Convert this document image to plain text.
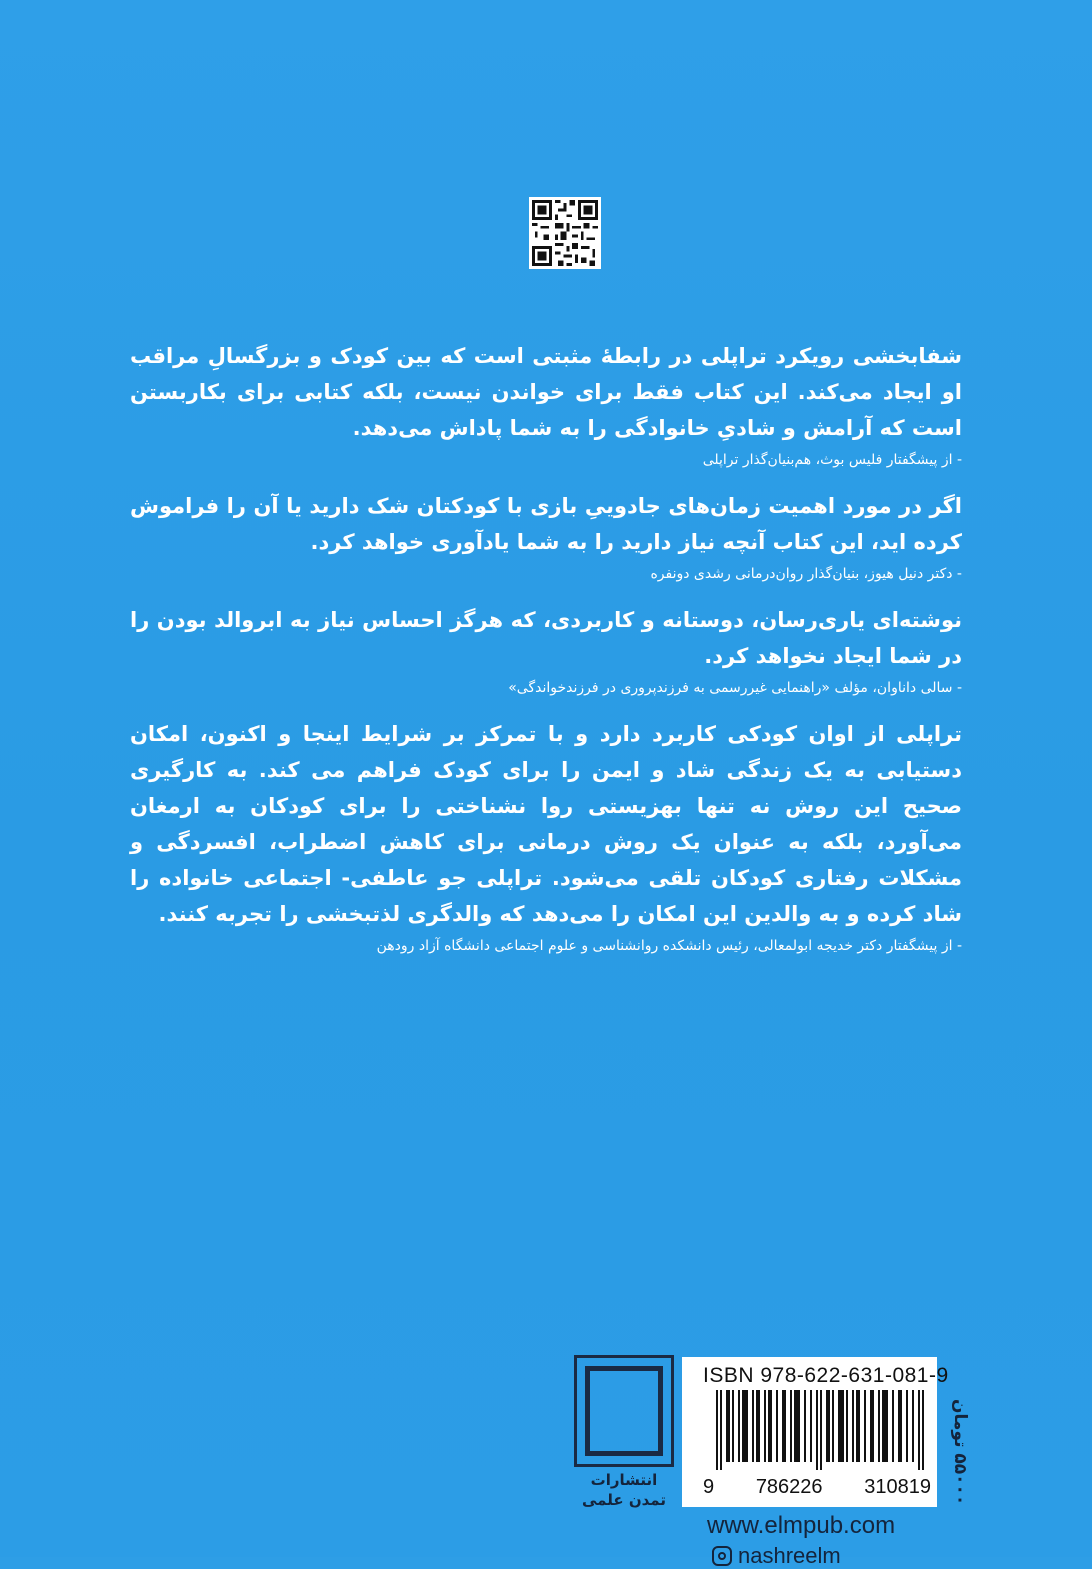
شفابخشی رویکرد تراپلی در رابطهٔ مثبتی است که بین کودک و بزرگسالِ مراقب او ایجاد می‌کند. این کتاب فقط برای خواندن نیست، بلکه کتابی برای بکاربستن است که آرامش و شادیِ خانوادگی را به شما پاداش می‌دهد.

- از پیشگفتار فلیس بوث، هم‌بنیان‌گذار تراپلی

اگر در مورد اهمیت زمان‌های جادوییِ بازی با کودکتان شک دارید یا آن را فراموش کرده اید، این کتاب آنچه نیاز دارید را به شما یادآوری خواهد کرد.

- دکتر دنیل هیوز، بنیان‌گذار روان‌درمانی رشدی دونفره

نوشته‌ای یاری‌رسان، دوستانه و کاربردی، که هرگز احساس نیاز به ابروالد بودن را در شما ایجاد نخواهد کرد.

- سالی داناوان، مؤلف «راهنمایی غیررسمی به فرزندپروری در فرزندخواندگی»

تراپلی از اوان کودکی کاربرد دارد و با تمرکز بر شرایط اینجا و اکنون، امکان دستیابی به یک زندگی شاد و ایمن را برای کودک فراهم می کند. به کارگیری صحیح این روش نه تنها بهزیستی روا نشناختی را برای کودکان به ارمغان می‌آورد، بلکه به عنوان یک روش درمانی برای کاهش اضطراب، افسردگی و مشکلات رفتاری کودکان تلقی می‌شود. تراپلی جو عاطفی- اجتماعی خانواده را شاد کرده و به والدین این امکان را می‌دهد که والدگری لذتبخشی را تجربه کنند.

- از پیشگفتار دکتر خدیجه ابولمعالی، رئیس دانشکده روانشناسی و علوم اجتماعی دانشگاه آزاد رودهن
انتشارات
تمدن علمی
ISBN 978-622-631-081-9
9 786226 310819
۵۵۰۰۰ تومان
www.elmpub.com
nashreelm
